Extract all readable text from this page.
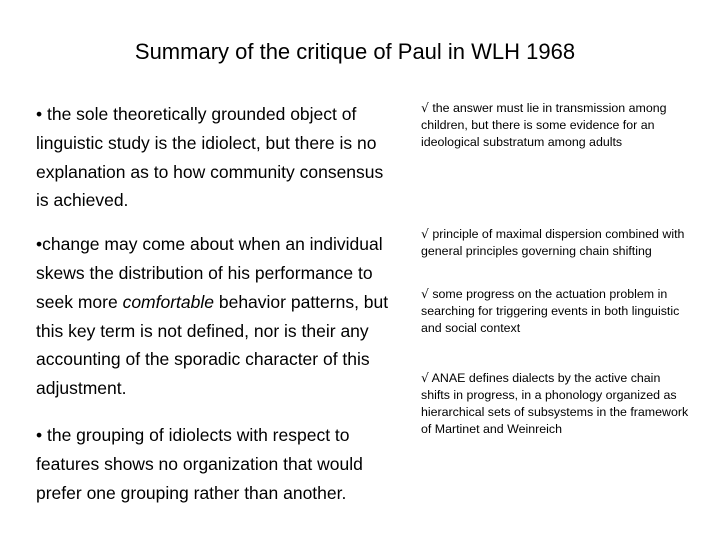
Summary of the critique of Paul in WLH 1968

• the sole theoretically grounded object of linguistic study is the idiolect, but there is no explanation as to how community consensus is achieved.

•change may come about when an individual skews the distribution of his performance to seek more comfortable behavior patterns, but this key term is not defined, nor is their any accounting of the sporadic character of this adjustment.

• the grouping of idiolects with respect to features shows no organization that would prefer one grouping rather than another.

√ the answer must lie in transmission among children, but there is some evidence for an ideological substratum among adults

√ principle of maximal dispersion combined with general principles governing chain shifting

√ some progress on the actuation problem in searching for triggering events in both linguistic and social context

√ ANAE defines dialects by the active chain shifts in progress, in a phonology organized as hierarchical sets of subsystems in the framework of Martinet and Weinreich
